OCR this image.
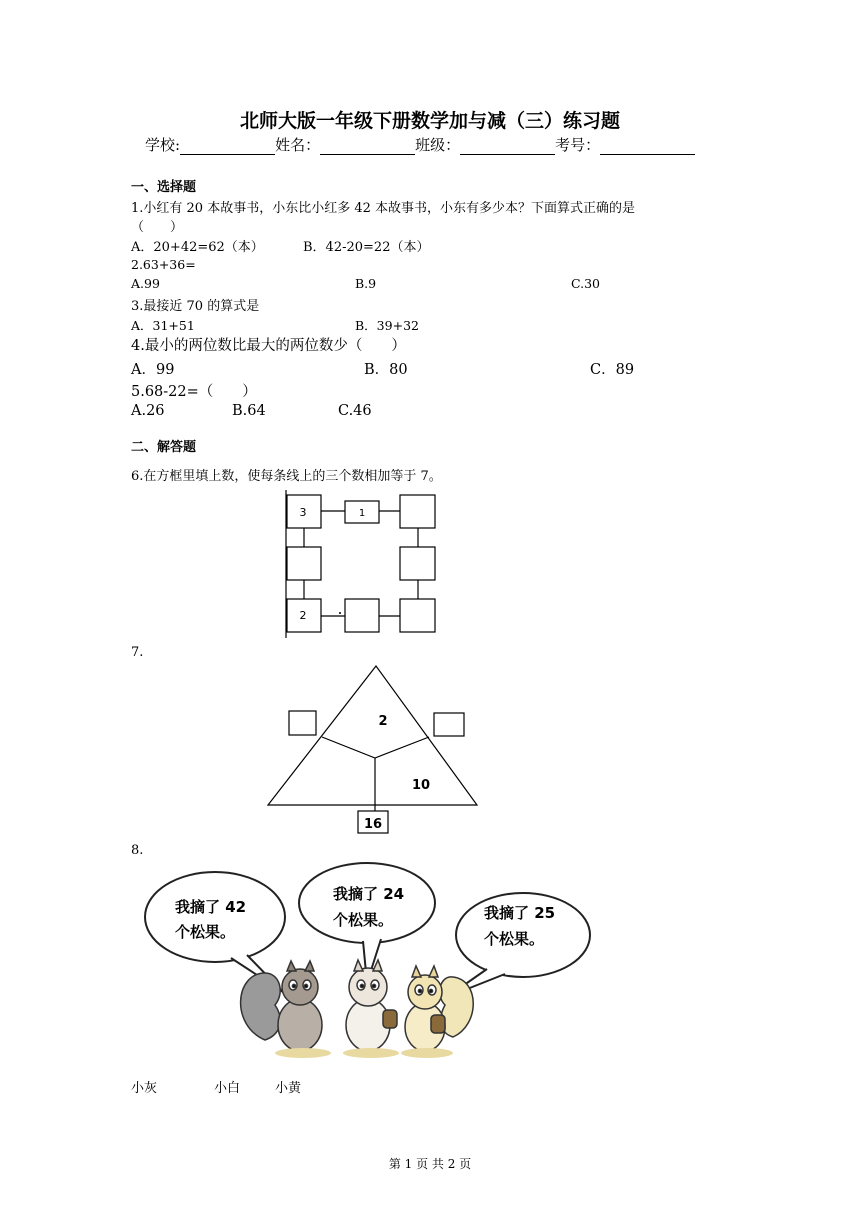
北师大版一年级下册数学加与减（三）练习题
学校:	姓名：	班级：	考号：
一、选择题
1.小红有 20 本故事书，小东比小红多 42 本故事书，小东有多少本？下面算式正确的是
（　　）
A．20+42=62（本）	B．42-20=22（本）
2.63+36=
A.99	B.9	C.30
3.最接近 70 的算式是
A．31+51	B．39+32
4.最小的两位数比最大的两位数少（　　）
A．99	B．80	C．89
5.68-22=（　　）
A.26	B.64	C.46
二、解答题
6.在方框里填上数，使每条线上的三个数相加等于 7。
3	1
2
7.
2
10
16
8.
我摘了 42
个松果。
我摘了 24
个松果。	我摘了 25
个松果。
小灰	小白	小黄
第 1 页 共 2 页
